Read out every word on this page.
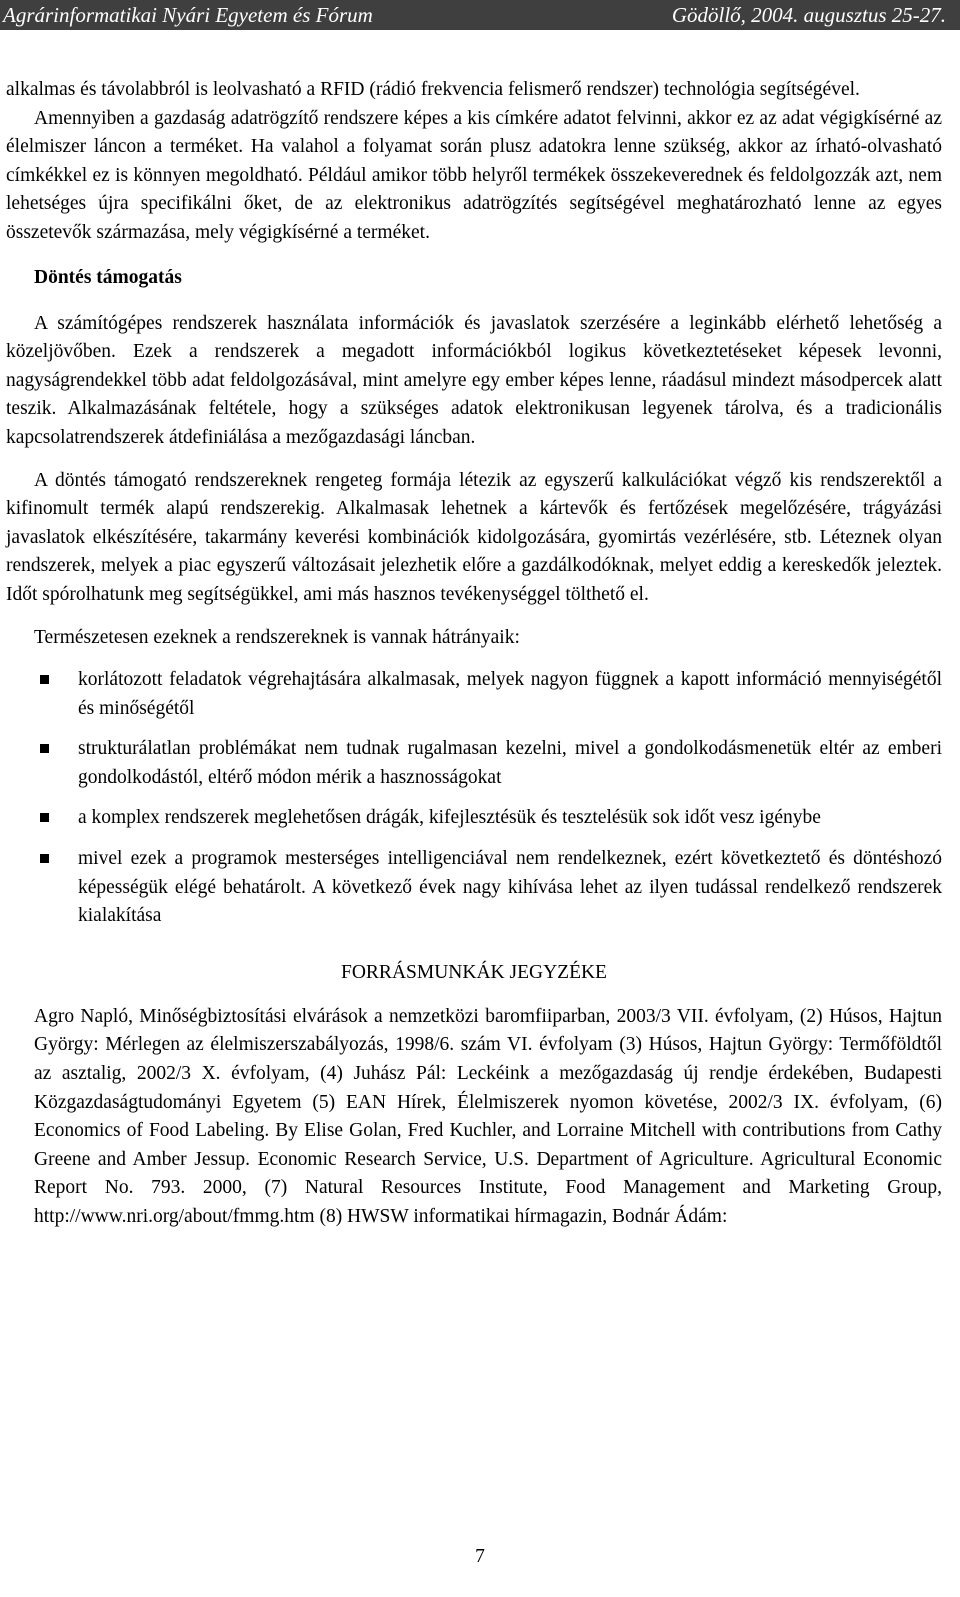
Agrárinformatikai Nyári Egyetem és Fórum	Gödöllő, 2004. augusztus 25-27.

alkalmas és távolabbról is leolvasható a RFID (rádió frekvencia felismerő rendszer) technológia segítségével.

Amennyiben a gazdaság adatrögzítő rendszere képes a kis címkére adatot felvinni, akkor ez az adat végigkísérné az élelmiszer láncon a terméket. Ha valahol a folyamat során plusz adatokra lenne szükség, akkor az írható-olvasható címkékkel ez is könnyen megoldható. Például amikor több helyről termékek összekeverednek és feldolgozzák azt, nem lehetséges újra specifikálni őket, de az elektronikus adatrögzítés segítségével meghatározható lenne az egyes összetevők származása, mely végigkísérné a terméket.

Döntés támogatás

A számítógépes rendszerek használata információk és javaslatok szerzésére a leginkább elérhető lehetőség a közeljövőben. Ezek a rendszerek a megadott információkból logikus következtetéseket képesek levonni, nagyságrendekkel több adat feldolgozásával, mint amelyre egy ember képes lenne, ráadásul mindezt másodpercek alatt teszik. Alkalmazásának feltétele, hogy a szükséges adatok elektronikusan legyenek tárolva, és a tradicionális kapcsolatrendszerek átdefiniálása a mezőgazdasági láncban.

A döntés támogató rendszereknek rengeteg formája létezik az egyszerű kalkulációkat végző kis rendszerektől a kifinomult termék alapú rendszerekig. Alkalmasak lehetnek a kártevők és fertőzések megelőzésére, trágyázási javaslatok elkészítésére, takarmány keverési kombinációk kidolgozására, gyomirtás vezérlésére, stb. Léteznek olyan rendszerek, melyek a piac egyszerű változásait jelezhetik előre a gazdálkodóknak, melyet eddig a kereskedők jeleztek. Időt spórolhatunk meg segítségükkel, ami más hasznos tevékenységgel tölthető el.

Természetesen ezeknek a rendszereknek is vannak hátrányaik:

korlátozott feladatok végrehajtására alkalmasak, melyek nagyon függnek a kapott információ mennyiségétől és minőségétől
strukturálatlan problémákat nem tudnak rugalmasan kezelni, mivel a gondolkodásmenetük eltér az emberi gondolkodástól, eltérő módon mérik a hasznosságokat
a komplex rendszerek meglehetősen drágák, kifejlesztésük és tesztelésük sok időt vesz igénybe
mivel ezek a programok mesterséges intelligenciával nem rendelkeznek, ezért következtető és döntéshozó képességük elégé behatárolt. A következő évek nagy kihívása lehet az ilyen tudással rendelkező rendszerek kialakítása
FORRÁSMUNKÁK JEGYZÉKE

Agro Napló, Minőségbiztosítási elvárások a nemzetközi baromfiiparban, 2003/3 VII. évfolyam, (2) Húsos, Hajtun György: Mérlegen az élelmiszerszabályozás, 1998/6. szám VI. évfolyam (3) Húsos, Hajtun György: Termőföldtől az asztalig, 2002/3 X. évfolyam, (4) Juhász Pál: Leckéink a mezőgazdaság új rendje érdekében, Budapesti Közgazdaságtudományi Egyetem (5) EAN Hírek, Élelmiszerek nyomon követése, 2002/3 IX. évfolyam, (6) Economics of Food Labeling. By Elise Golan, Fred Kuchler, and Lorraine Mitchell with contributions from Cathy Greene and Amber Jessup. Economic Research Service, U.S. Department of Agriculture. Agricultural Economic Report No. 793. 2000, (7) Natural Resources Institute, Food Management and Marketing Group, http://www.nri.org/about/fmmg.htm (8) HWSW informatikai hírmagazin, Bodnár Ádám:

7
